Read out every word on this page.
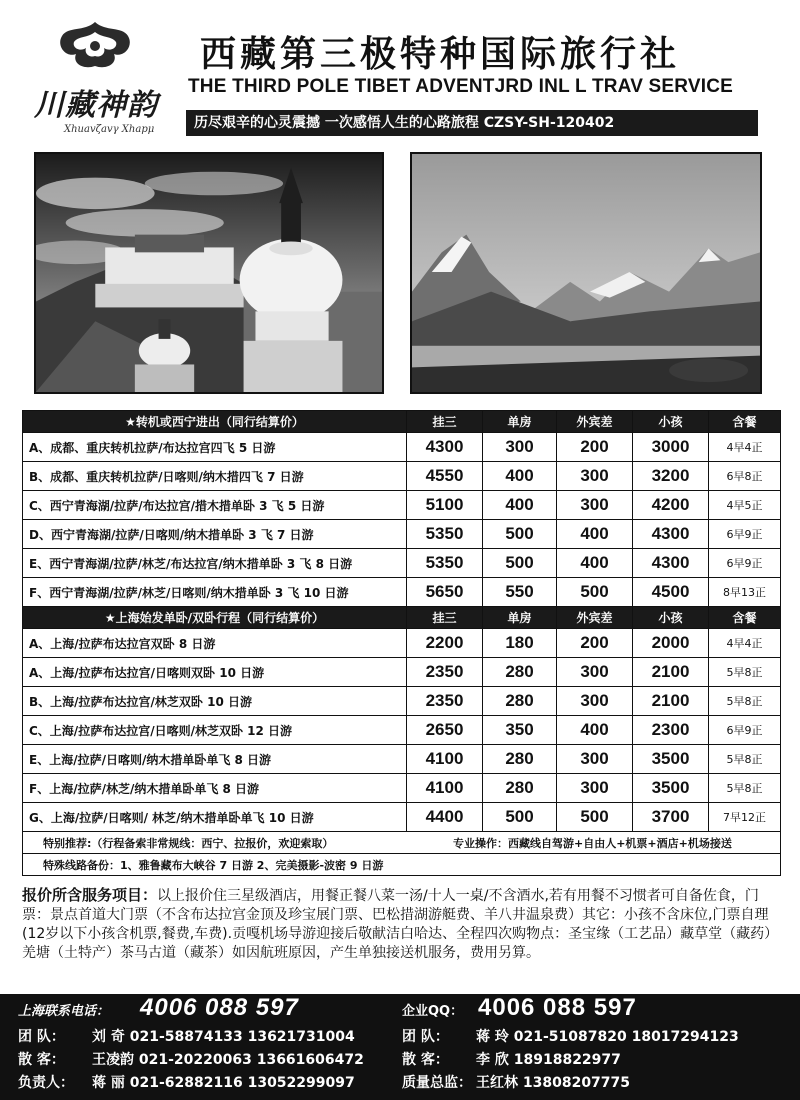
川藏神韵
Xhuavζavγ Xhapμ
西藏第三极特种国际旅行社
THE THIRD POLE TIBET ADVENTJRD INL L TRAV SERVICE
历尽艰辛的心灵震撼 一次感悟人生的心路旅程 CZSY-SH-120402
★转机或西宁进出（同行结算价）	挂三	单房	外宾差	小孩	含餐
A、成都、重庆转机拉萨/布达拉宫四飞 5 日游	4300	300	200	3000	4早4正
B、成都、重庆转机拉萨/日喀则/纳木措四飞 7 日游	4550	400	300	3200	6早8正
C、西宁青海湖/拉萨/布达拉宫/措木措单卧 3 飞 5 日游	5100	400	300	4200	4早5正
D、西宁青海湖/拉萨/日喀则/纳木措单卧 3 飞 7 日游	5350	500	400	4300	6早9正
E、西宁青海湖/拉萨/林芝/布达拉宫/纳木措单卧 3 飞 8 日游	5350	500	400	4300	6早9正
F、西宁青海湖/拉萨/林芝/日喀则/纳木措单卧 3 飞 10 日游	5650	550	500	4500	8早13正
★上海始发单卧/双卧行程（同行结算价）	挂三	单房	外宾差	小孩	含餐
A、上海/拉萨布达拉宫双卧 8 日游	2200	180	200	2000	4早4正
A、上海/拉萨布达拉宫/日喀则双卧 10 日游	2350	280	300	2100	5早8正
B、上海/拉萨布达拉宫/林芝双卧 10 日游	2350	280	300	2100	5早8正
C、上海/拉萨布达拉宫/日喀则/林芝双卧 12 日游	2650	350	400	2300	6早9正
E、上海/拉萨/日喀则/纳木措单卧单飞 8 日游	4100	280	300	3500	5早8正
F、上海/拉萨/林芝/纳木措单卧单飞 8 日游	4100	280	300	3500	5早8正
G、上海/拉萨/日喀则/ 林芝/纳木措单卧单飞 10 日游	4400	500	500	3700	7早12正
特别推荐:（行程备索非常规线：西宁、拉报价，欢迎索取） 专业操作：西藏线自驾游+自由人+机票+酒店+机场接送					

特殊线路备份：1、雅鲁藏布大峡谷 7 日游 2、完美摄影-波密 9 日游					
报价所含服务项目：以上报价住三星级酒店，用餐正餐八菜一汤/十人一桌/不含酒水,若有用餐不习惯者可自备佐食，门票：景点首道大门票（不含布达拉宫金顶及珍宝展门票、巴松措湖游艇费、羊八井温泉费）其它：小孩不含床位,门票自理(12岁以下小孩含机票,餐费,车费).贡嘎机场导游迎接后敬献洁白哈达、全程四次购物点：圣宝缘（工艺品）藏草堂（藏药）羌塘（土特产）茶马古道（藏茶）如因航班原因，产生单独接送机服务，费用另算。
上海联系电话： 4006 088 597	企业QQ： 4006 088 597
团 队： 刘 奇 021-58874133 13621731004	团 队： 蒋 玲 021-51087820 18017294123
散 客： 王凌韵 021-20220063 13661606472	散 客： 李 欣 18918822977
负责人： 蒋 丽 021-62882116 13052299097	质量总监： 王红林 13808207775
